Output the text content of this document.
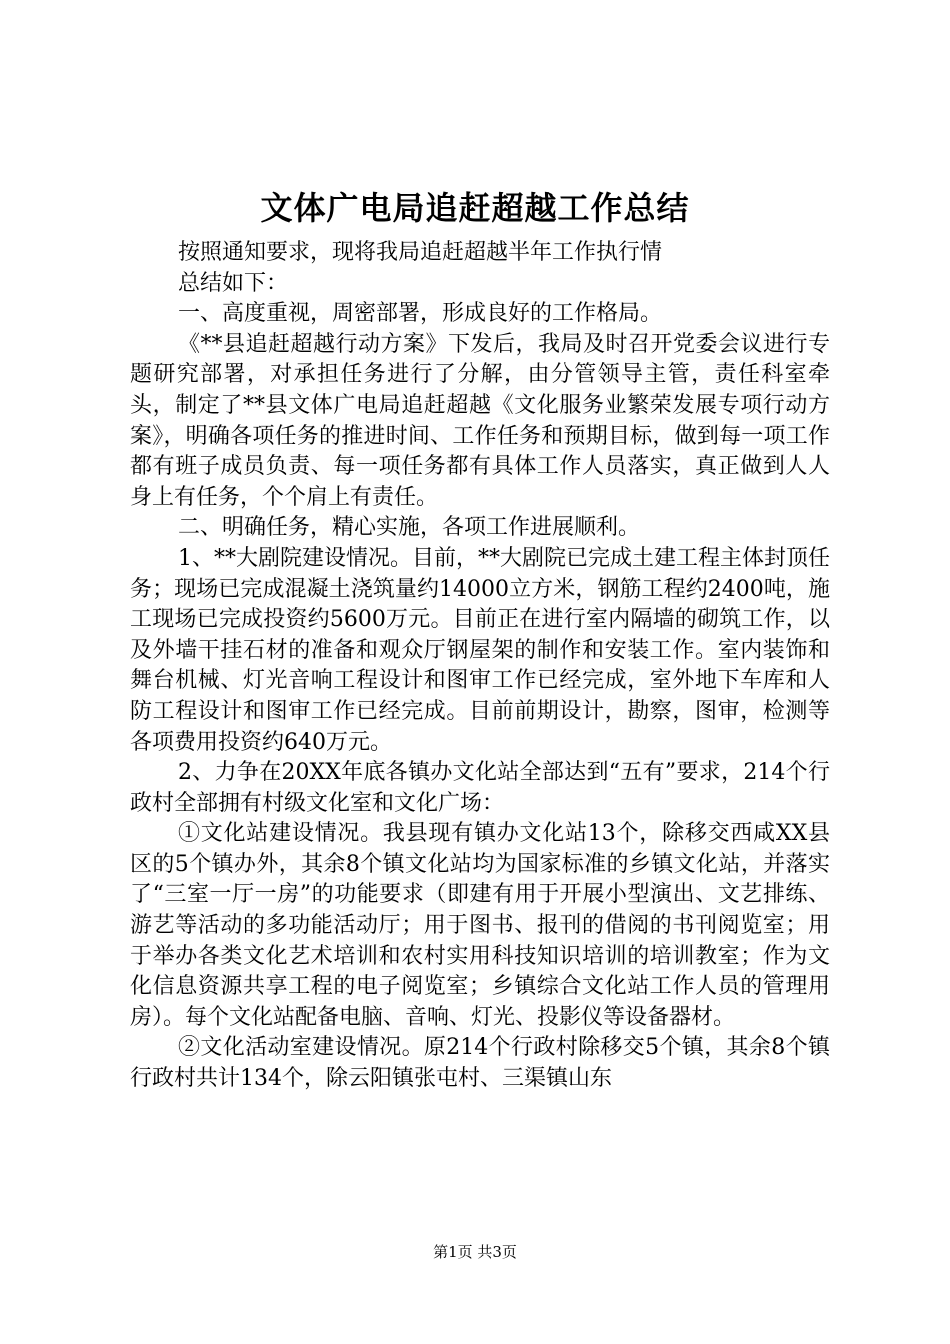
文体广电局追赶超越工作总结
按照通知要求，现将我局追赶超越半年工作执行情
总结如下：

一、高度重视，周密部署，形成良好的工作格局。

《**县追赶超越行动方案》下发后，我局及时召开党委会议进行专题研究部署，对承担任务进行了分解，由分管领导主管，责任科室牵头，制定了**县文体广电局追赶超越《文化服务业繁荣发展专项行动方案》，明确各项任务的推进时间、工作任务和预期目标，做到每一项工作都有班子成员负责、每一项任务都有具体工作人员落实，真正做到人人身上有任务，个个肩上有责任。

二、明确任务，精心实施，各项工作进展顺利。

1、**大剧院建设情况。目前，**大剧院已完成土建工程主体封顶任务；现场已完成混凝土浇筑量约14000立方米，钢筋工程约2400吨，施工现场已完成投资约5600万元。目前正在进行室内隔墙的砌筑工作，以及外墙干挂石材的准备和观众厅钢屋架的制作和安装工作。室内装饰和舞台机械、灯光音响工程设计和图审工作已经完成，室外地下车库和人防工程设计和图审工作已经完成。目前前期设计，勘察，图审，检测等各项费用投资约640万元。

2、力争在20XX年底各镇办文化站全部达到“五有”要求，214个行政村全部拥有村级文化室和文化广场：

①文化站建设情况。我县现有镇办文化站13个，除移交西咸XX县区的5个镇办外，其余8个镇文化站均为国家标准的乡镇文化站，并落实了“三室一厅一房”的功能要求（即建有用于开展小型演出、文艺排练、游艺等活动的多功能活动厅；用于图书、报刊的借阅的书刊阅览室；用于举办各类文化艺术培训和农村实用科技知识培训的培训教室；作为文化信息资源共享工程的电子阅览室；乡镇综合文化站工作人员的管理用房）。每个文化站配备电脑、音响、灯光、投影仪等设备器材。

②文化活动室建设情况。原214个行政村除移交5个镇，其余8个镇行政村共计134个，除云阳镇张屯村、三渠镇山东

第1页 共3页
